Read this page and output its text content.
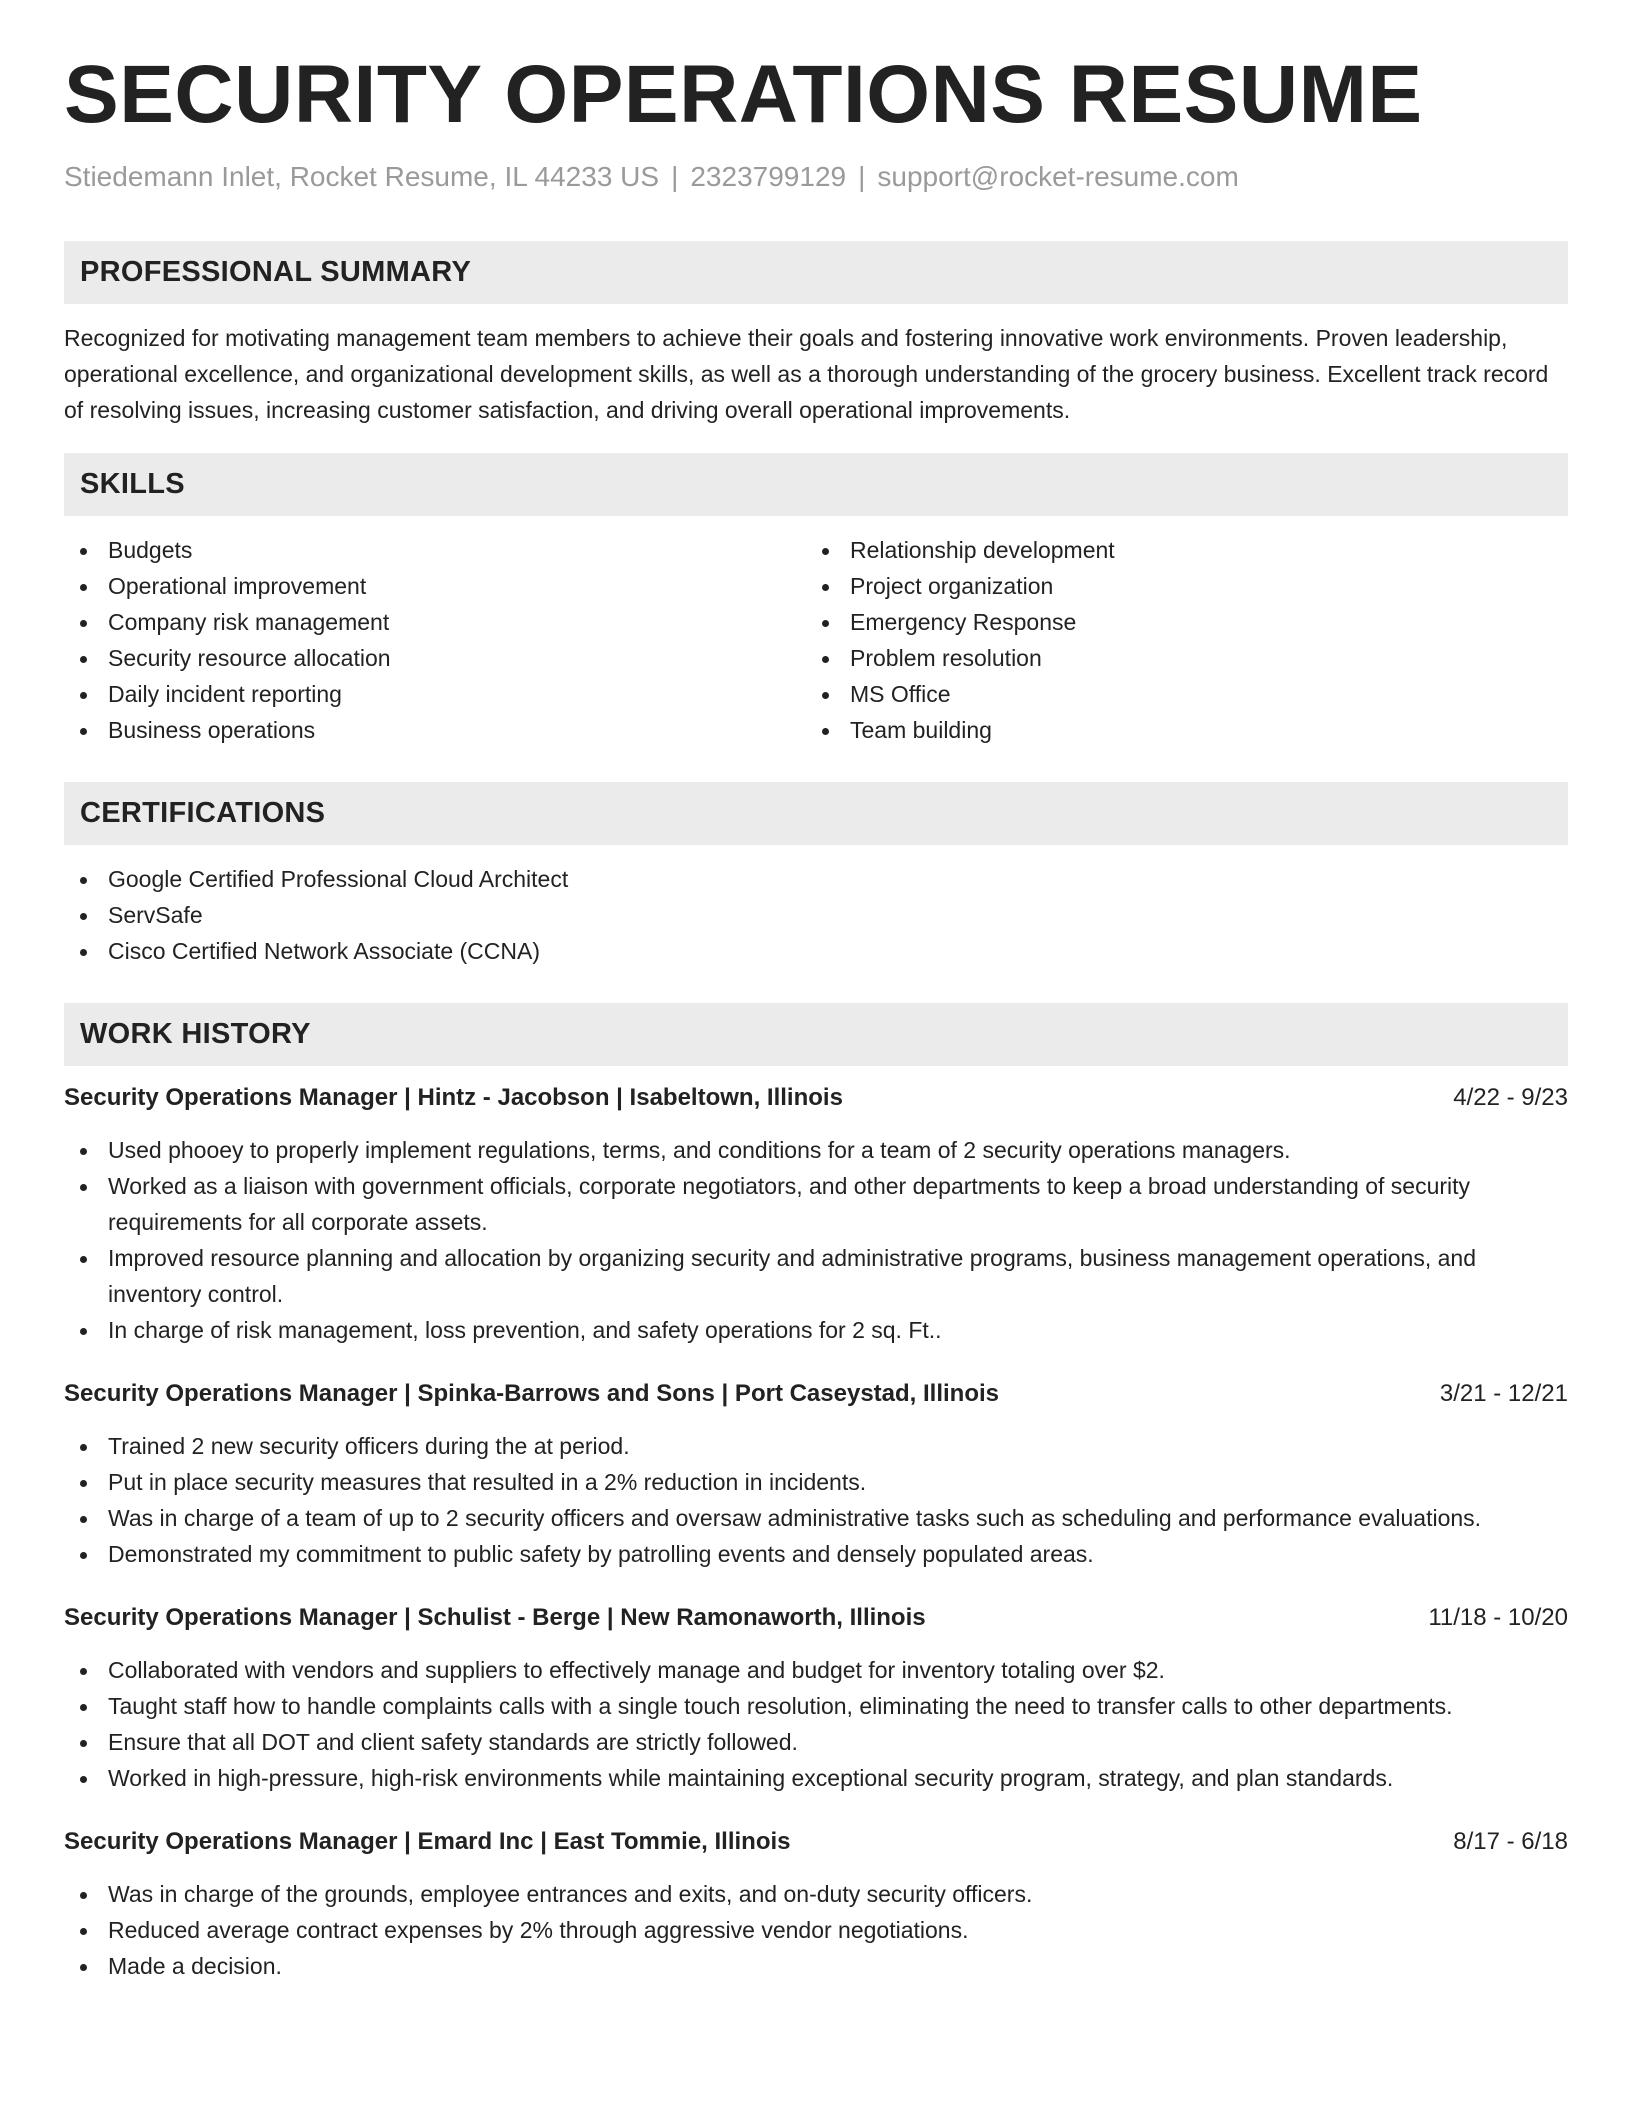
SECURITY OPERATIONS RESUME
Stiedemann Inlet, Rocket Resume, IL 44233 US | 2323799129 | support@rocket-resume.com
PROFESSIONAL SUMMARY

Recognized for motivating management team members to achieve their goals and fostering innovative work environments. Proven leadership, operational excellence, and organizational development skills, as well as a thorough understanding of the grocery business. Excellent track record of resolving issues, increasing customer satisfaction, and driving overall operational improvements.

SKILLS
Budgets
Operational improvement
Company risk management
Security resource allocation
Daily incident reporting
Business operations
Relationship development
Project organization
Emergency Response
Problem resolution
MS Office
Team building
CERTIFICATIONS
Google Certified Professional Cloud Architect
ServSafe
Cisco Certified Network Associate (CCNA)
WORK HISTORY
Security Operations Manager | Hintz - Jacobson | Isabeltown, Illinois	4/22 - 9/23
Used phooey to properly implement regulations, terms, and conditions for a team of 2 security operations managers.
Worked as a liaison with government officials, corporate negotiators, and other departments to keep a broad understanding of security requirements for all corporate assets.
Improved resource planning and allocation by organizing security and administrative programs, business management operations, and inventory control.
In charge of risk management, loss prevention, and safety operations for 2 sq. Ft..
Security Operations Manager | Spinka-Barrows and Sons | Port Caseystad, Illinois	3/21 - 12/21
Trained 2 new security officers during the at period.
Put in place security measures that resulted in a 2% reduction in incidents.
Was in charge of a team of up to 2 security officers and oversaw administrative tasks such as scheduling and performance evaluations.
Demonstrated my commitment to public safety by patrolling events and densely populated areas.
Security Operations Manager | Schulist - Berge | New Ramonaworth, Illinois	11/18 - 10/20
Collaborated with vendors and suppliers to effectively manage and budget for inventory totaling over $2.
Taught staff how to handle complaints calls with a single touch resolution, eliminating the need to transfer calls to other departments.
Ensure that all DOT and client safety standards are strictly followed.
Worked in high-pressure, high-risk environments while maintaining exceptional security program, strategy, and plan standards.
Security Operations Manager | Emard Inc | East Tommie, Illinois	8/17 - 6/18
Was in charge of the grounds, employee entrances and exits, and on-duty security officers.
Reduced average contract expenses by 2% through aggressive vendor negotiations.
Made a decision.
